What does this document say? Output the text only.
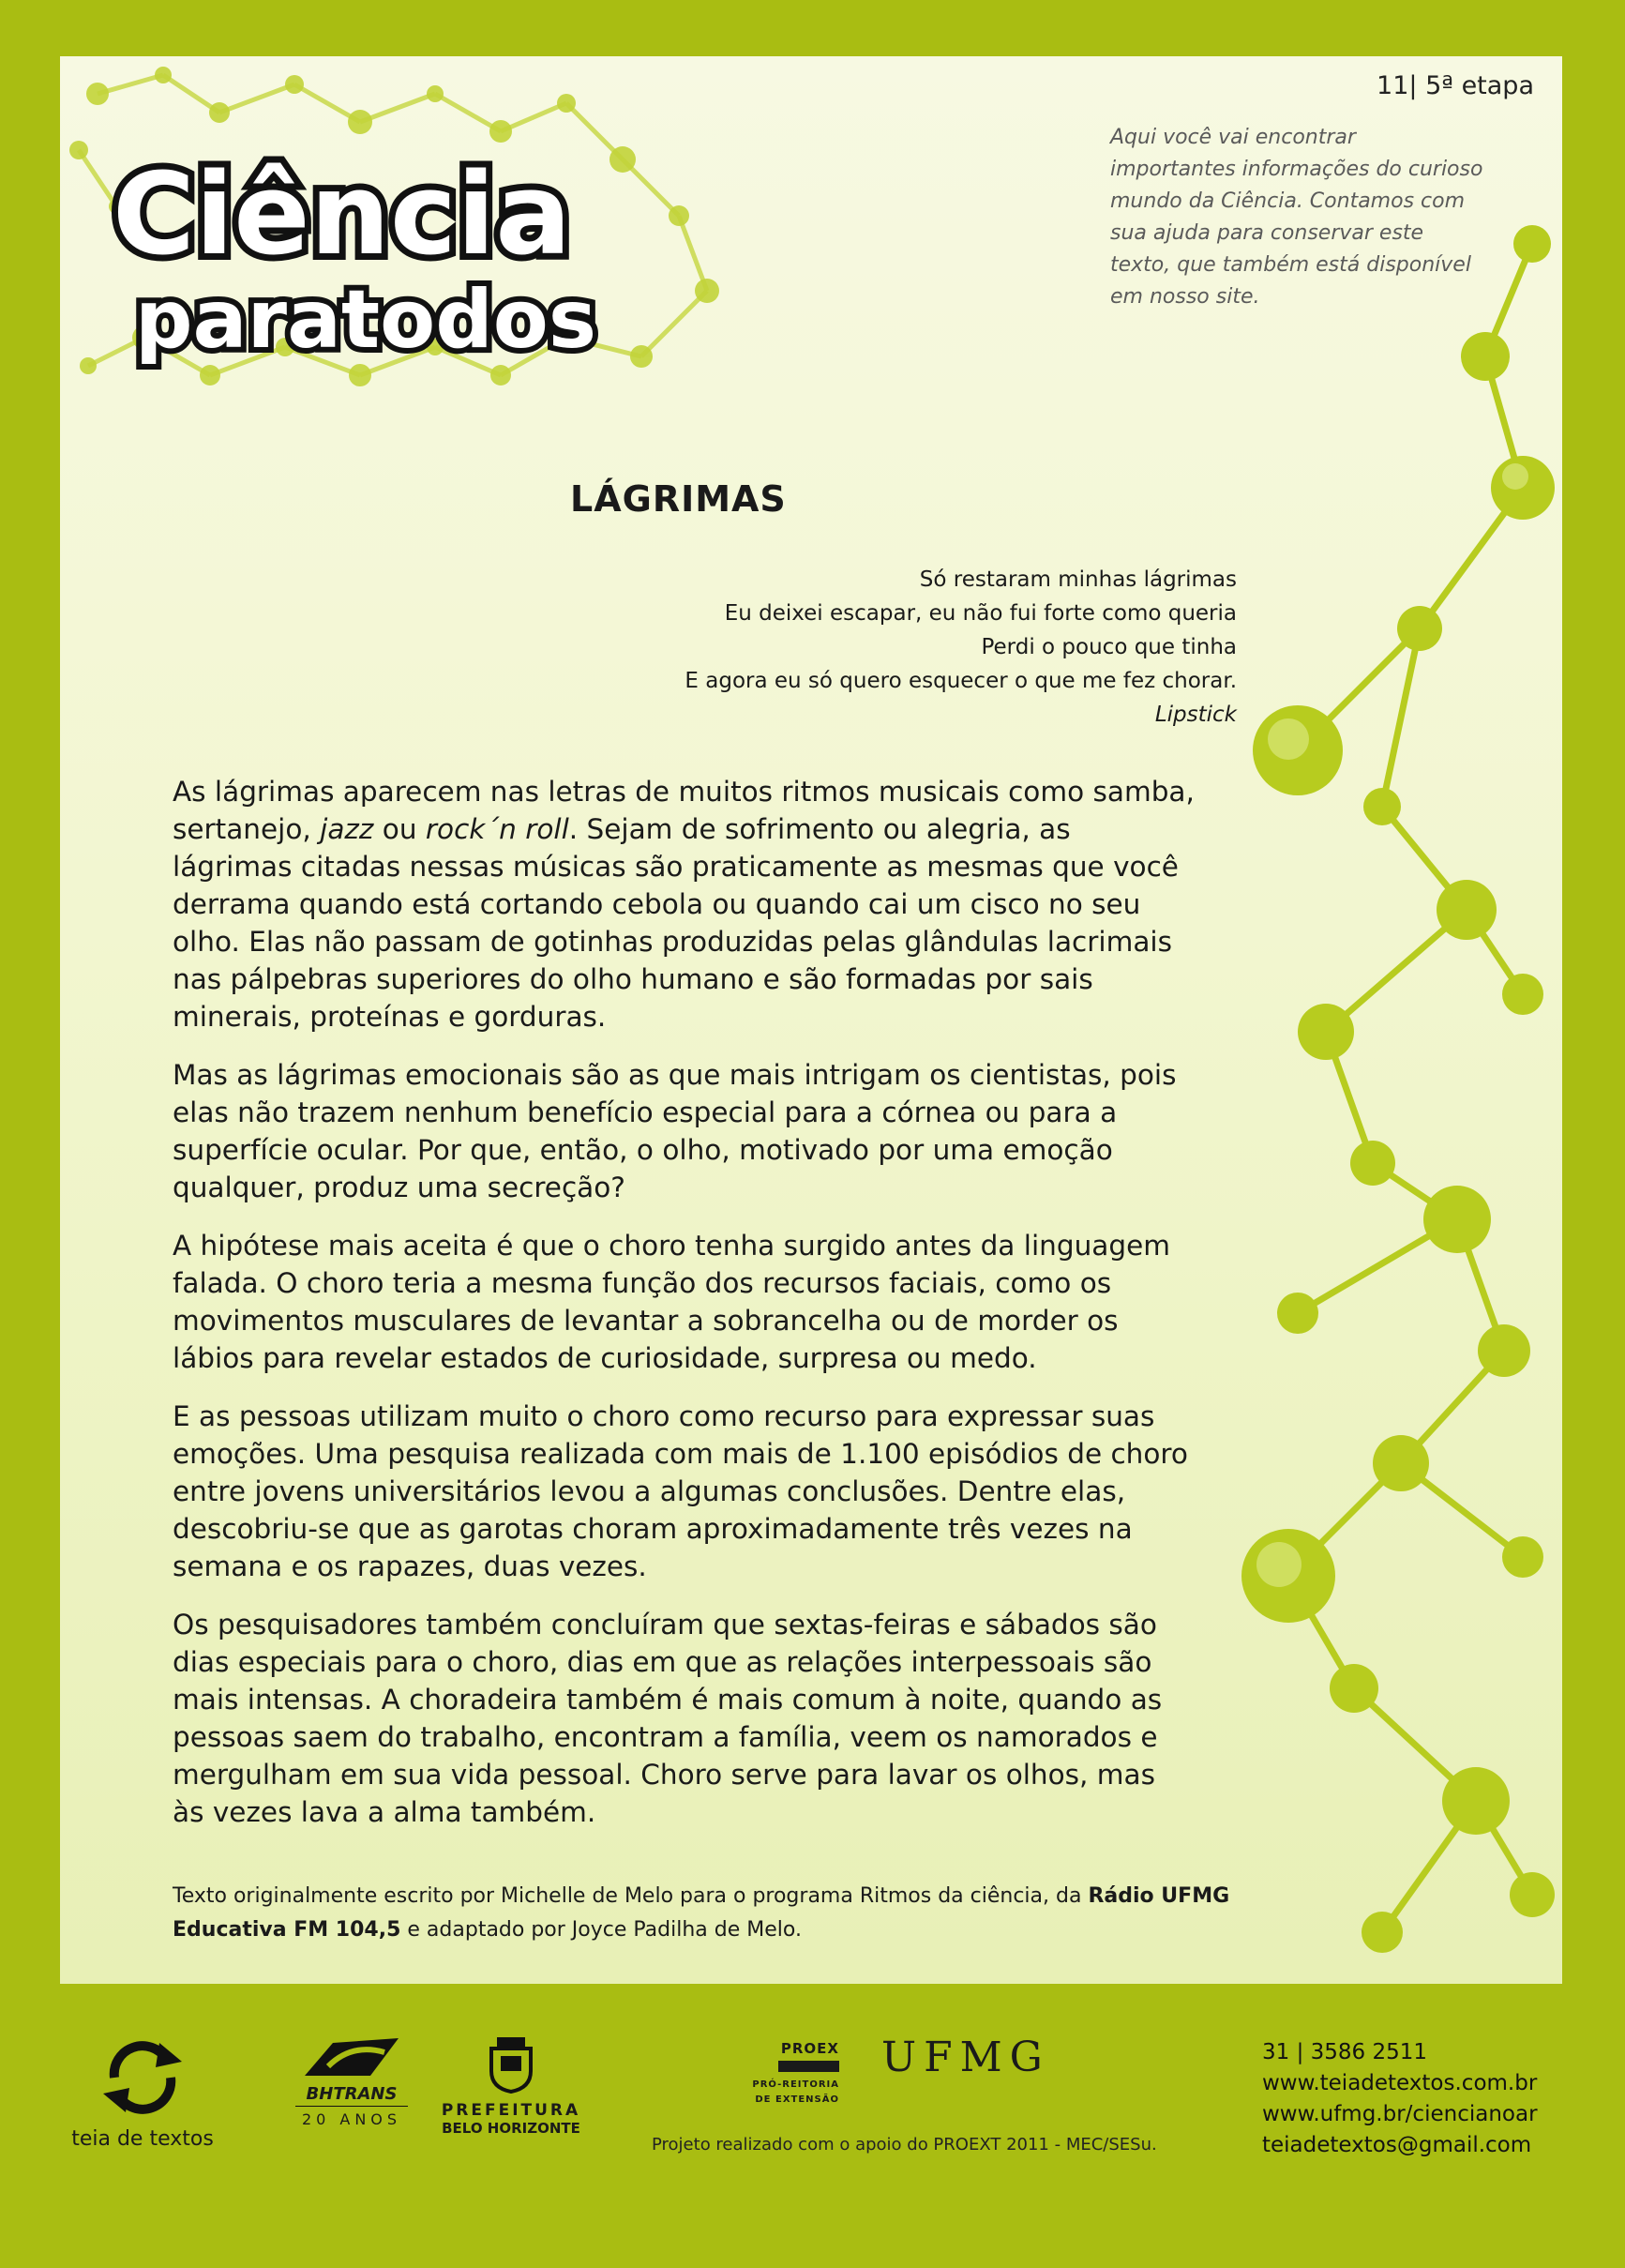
Ciência
paratodos
11| 5ª etapa
Aqui você vai encontrar importantes informações do curioso mundo da Ciência. Contamos com sua ajuda para conservar este texto, que também está disponível em nosso site.
LÁGRIMAS
Só restaram minhas lágrimas
Eu deixei escapar, eu não fui forte como queria
Perdi o pouco que tinha
E agora eu só quero esquecer o que me fez chorar.
Lipstick

As lágrimas aparecem nas letras de muitos ritmos musicais como samba, sertanejo, jazz ou rock´n roll. Sejam de sofrimento ou alegria, as lágrimas citadas nessas músicas são praticamente as mesmas que você derrama quando está cortando cebola ou quando cai um cisco no seu olho. Elas não passam de gotinhas produzidas pelas glândulas lacrimais nas pálpebras superiores do olho humano e são formadas por sais minerais, proteínas e gorduras.

Mas as lágrimas emocionais são as que mais intrigam os cientistas, pois elas não trazem nenhum benefício especial para a córnea ou para a superfície ocular. Por que, então, o olho, motivado por uma emoção qualquer, produz uma secreção?

A hipótese mais aceita é que o choro tenha surgido antes da linguagem falada. O choro teria a mesma função dos recursos faciais, como os movimentos musculares de levantar a sobrancelha ou de morder os lábios para revelar estados de curiosidade, surpresa ou medo.

E as pessoas utilizam muito o choro como recurso para expressar suas emoções. Uma pesquisa realizada com mais de 1.100 episódios de choro entre jovens universitários levou a algumas conclusões. Dentre elas, descobriu-se que as garotas choram aproximadamente três vezes na semana e os rapazes, duas vezes.

Os pesquisadores também concluíram que sextas-feiras e sábados são dias especiais para o choro, dias em que as relações interpessoais são mais intensas. A choradeira também é mais comum à noite, quando as pessoas saem do trabalho, encontram a família, veem os namorados e mergulham em sua vida pessoal. Choro serve para lavar os olhos, mas às vezes lava a alma também.

Texto originalmente escrito por Michelle de Melo para o programa Ritmos da ciência, da Rádio UFMG Educativa FM 104,5 e adaptado por Joyce Padilha de Melo.
teia de textos
BHTRANS
20 ANOS	PREFEITURA
BELO HORIZONTE
PROEX
PRÓ-REITORIA
DE EXTENSÃO
UFMG
Projeto realizado com o apoio do PROEXT 2011 - MEC/SESu.
31 | 3586 2511
www.teiadetextos.com.br
www.ufmg.br/ciencianoar
teiadetextos@gmail.com
